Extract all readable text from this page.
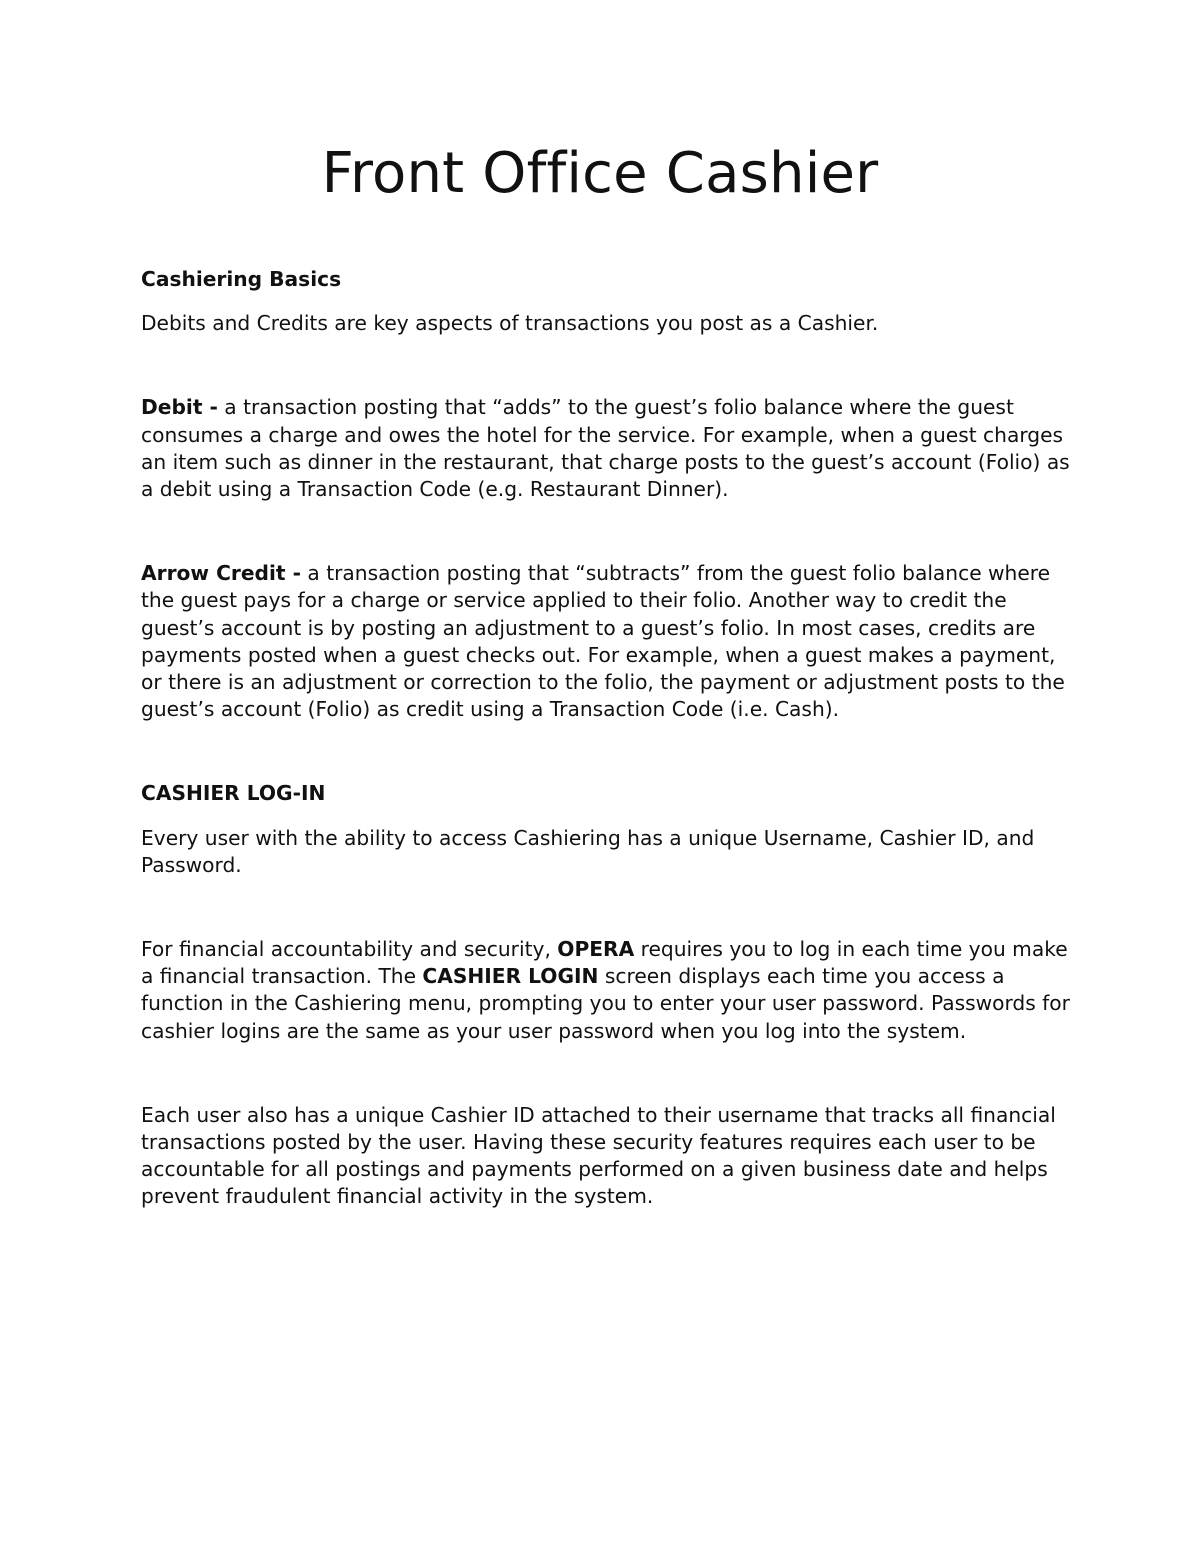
Front Office Cashier

Cashiering Basics

Debits and Credits are key aspects of transactions you post as a Cashier.

Debit - a transaction posting that “adds” to the guest’s folio balance where the guest consumes a charge and owes the hotel for the service. For example, when a guest charges an item such as dinner in the restaurant, that charge posts to the guest’s account (Folio) as a debit using a Transaction Code (e.g. Restaurant Dinner).

Arrow Credit - a transaction posting that “subtracts” from the guest folio balance where the guest pays for a charge or service applied to their folio. Another way to credit the guest’s account is by posting an adjustment to a guest’s folio. In most cases, credits are payments posted when a guest checks out. For example, when a guest makes a payment, or there is an adjustment or correction to the folio, the payment or adjustment posts to the guest’s account (Folio) as credit using a Transaction Code (i.e. Cash).

CASHIER LOG-IN

Every user with the ability to access Cashiering has a unique Username, Cashier ID, and Password.

For financial accountability and security, OPERA requires you to log in each time you make a financial transaction. The CASHIER LOGIN screen displays each time you access a function in the Cashiering menu, prompting you to enter your user password. Passwords for cashier logins are the same as your user password when you log into the system.

Each user also has a unique Cashier ID attached to their username that tracks all financial transactions posted by the user. Having these security features requires each user to be accountable for all postings and payments performed on a given business date and helps prevent fraudulent financial activity in the system.
